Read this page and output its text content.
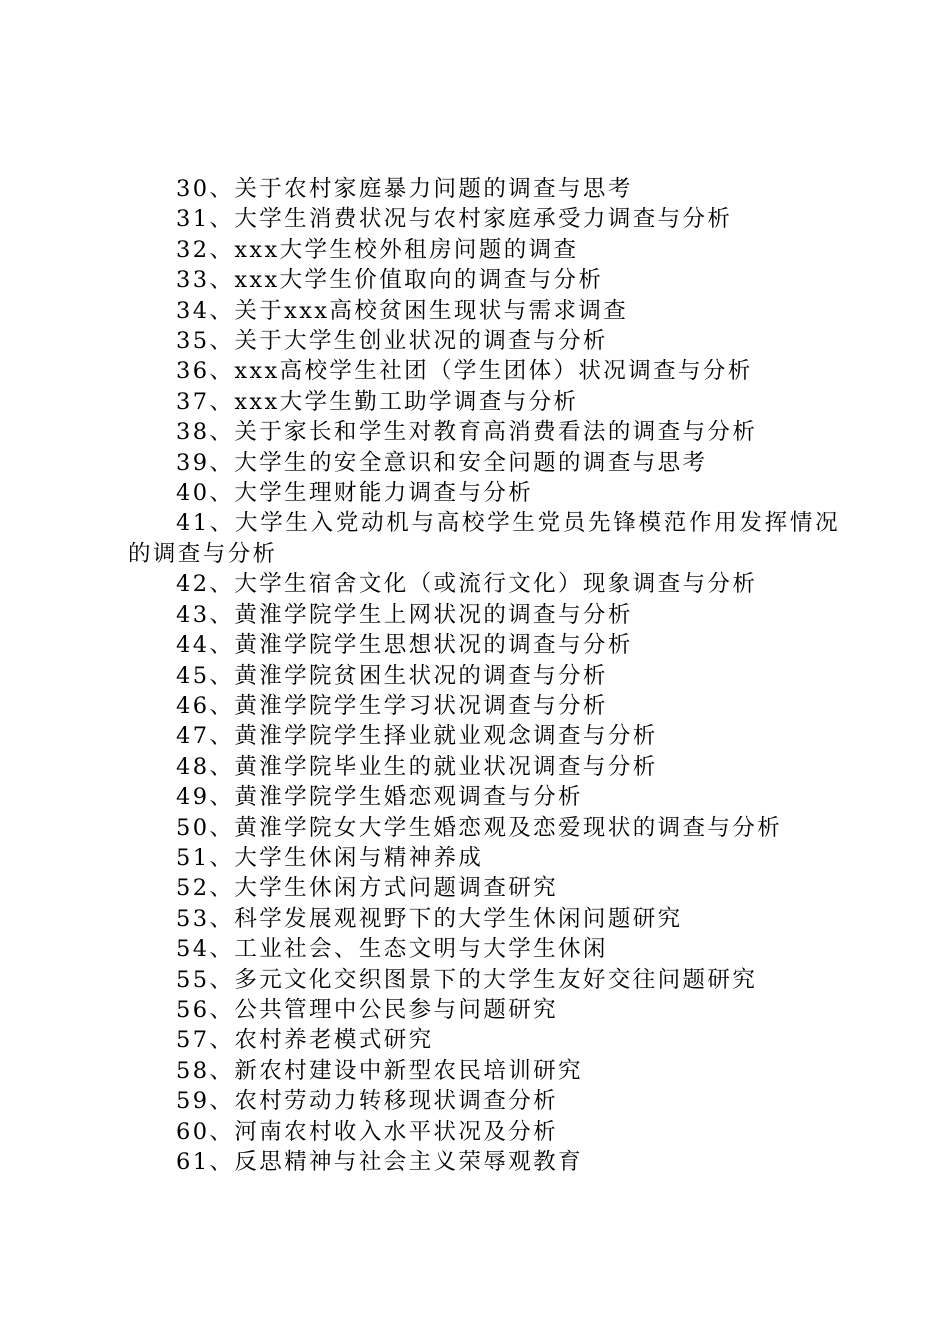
30、关于农村家庭暴力问题的调查与思考
31、大学生消费状况与农村家庭承受力调查与分析
32、xxx大学生校外租房问题的调查
33、xxx大学生价值取向的调查与分析
34、关于xxx高校贫困生现状与需求调查
35、关于大学生创业状况的调查与分析
36、xxx高校学生社团（学生团体）状况调查与分析
37、xxx大学生勤工助学调查与分析
38、关于家长和学生对教育高消费看法的调查与分析
39、大学生的安全意识和安全问题的调查与思考
40、大学生理财能力调查与分析
41、大学生入党动机与高校学生党员先锋模范作用发挥情况的调查与分析
42、大学生宿舍文化（或流行文化）现象调查与分析
43、黄淮学院学生上网状况的调查与分析
44、黄淮学院学生思想状况的调查与分析
45、黄淮学院贫困生状况的调查与分析
46、黄淮学院学生学习状况调查与分析
47、黄淮学院学生择业就业观念调查与分析
48、黄淮学院毕业生的就业状况调查与分析
49、黄淮学院学生婚恋观调查与分析
50、黄淮学院女大学生婚恋观及恋爱现状的调查与分析
51、大学生休闲与精神养成
52、大学生休闲方式问题调查研究
53、科学发展观视野下的大学生休闲问题研究
54、工业社会、生态文明与大学生休闲
55、多元文化交织图景下的大学生友好交往问题研究
56、公共管理中公民参与问题研究
57、农村养老模式研究
58、新农村建设中新型农民培训研究
59、农村劳动力转移现状调查分析
60、河南农村收入水平状况及分析
61、反思精神与社会主义荣辱观教育
